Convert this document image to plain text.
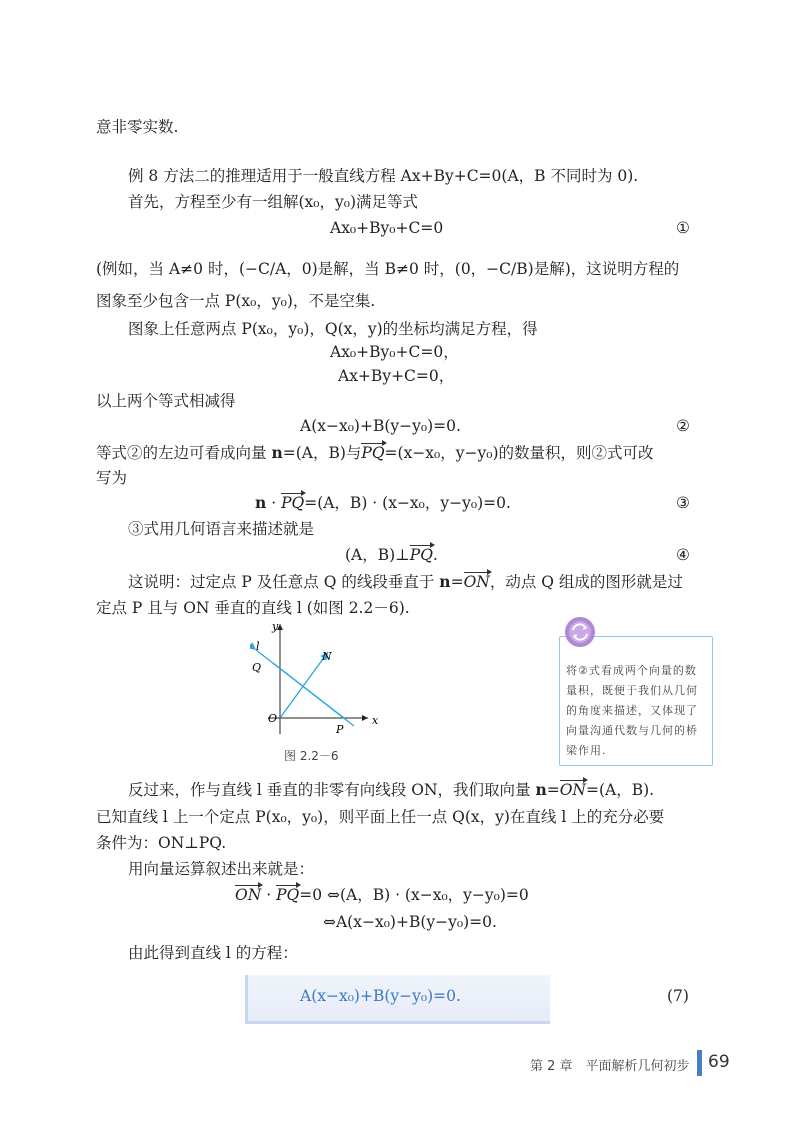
意非零实数.
例 8 方法二的推理适用于一般直线方程 Ax+By+C=0(A，B 不同时为 0).
首先，方程至少有一组解(x₀，y₀)满足等式
Ax₀+By₀+C=0	①
(例如，当 A≠0 时，(−C/A，0)是解，当 B≠0 时，(0，−C/B)是解)，这说明方程的
图象至少包含一点 P(x₀，y₀)，不是空集.
图象上任意两点 P(x₀，y₀)，Q(x，y)的坐标均满足方程，得
Ax₀+By₀+C=0，
Ax+By+C=0，
以上两个等式相减得
A(x−x₀)+B(y−y₀)=0.	②
等式②的左边可看成向量 n=(A，B)与PQ=(x−x₀，y−y₀)的数量积，则②式可改
写为
n · PQ=(A，B) · (x−x₀，y−y₀)=0.	③
③式用几何语言来描述就是
(A，B)⊥PQ.	④
这说明：过定点 P 及任意点 Q 的线段垂直于 n=ON，动点 Q 组成的图形就是过
定点 P 且与 ON 垂直的直线 l (如图 2.2－6).
y
x
l
Q
N
O
P
图 2.2－6
将②式看成两个向量的数量积，既便于我们从几何的角度来描述，又体现了向量沟通代数与几何的桥梁作用.
反过来，作与直线 l 垂直的非零有向线段 ON，我们取向量 n=ON=(A，B).
已知直线 l 上一个定点 P(x₀，y₀)，则平面上任一点 Q(x，y)在直线 l 上的充分必要
条件为：ON⊥PQ.
用向量运算叙述出来就是：
ON · PQ=0 ⇔(A，B) · (x−x₀，y−y₀)=0
⇔A(x−x₀)+B(y−y₀)=0.
由此得到直线 l 的方程：
A(x−x₀)+B(y−y₀)=0.	(7)
第 2 章　平面解析几何初步 69
